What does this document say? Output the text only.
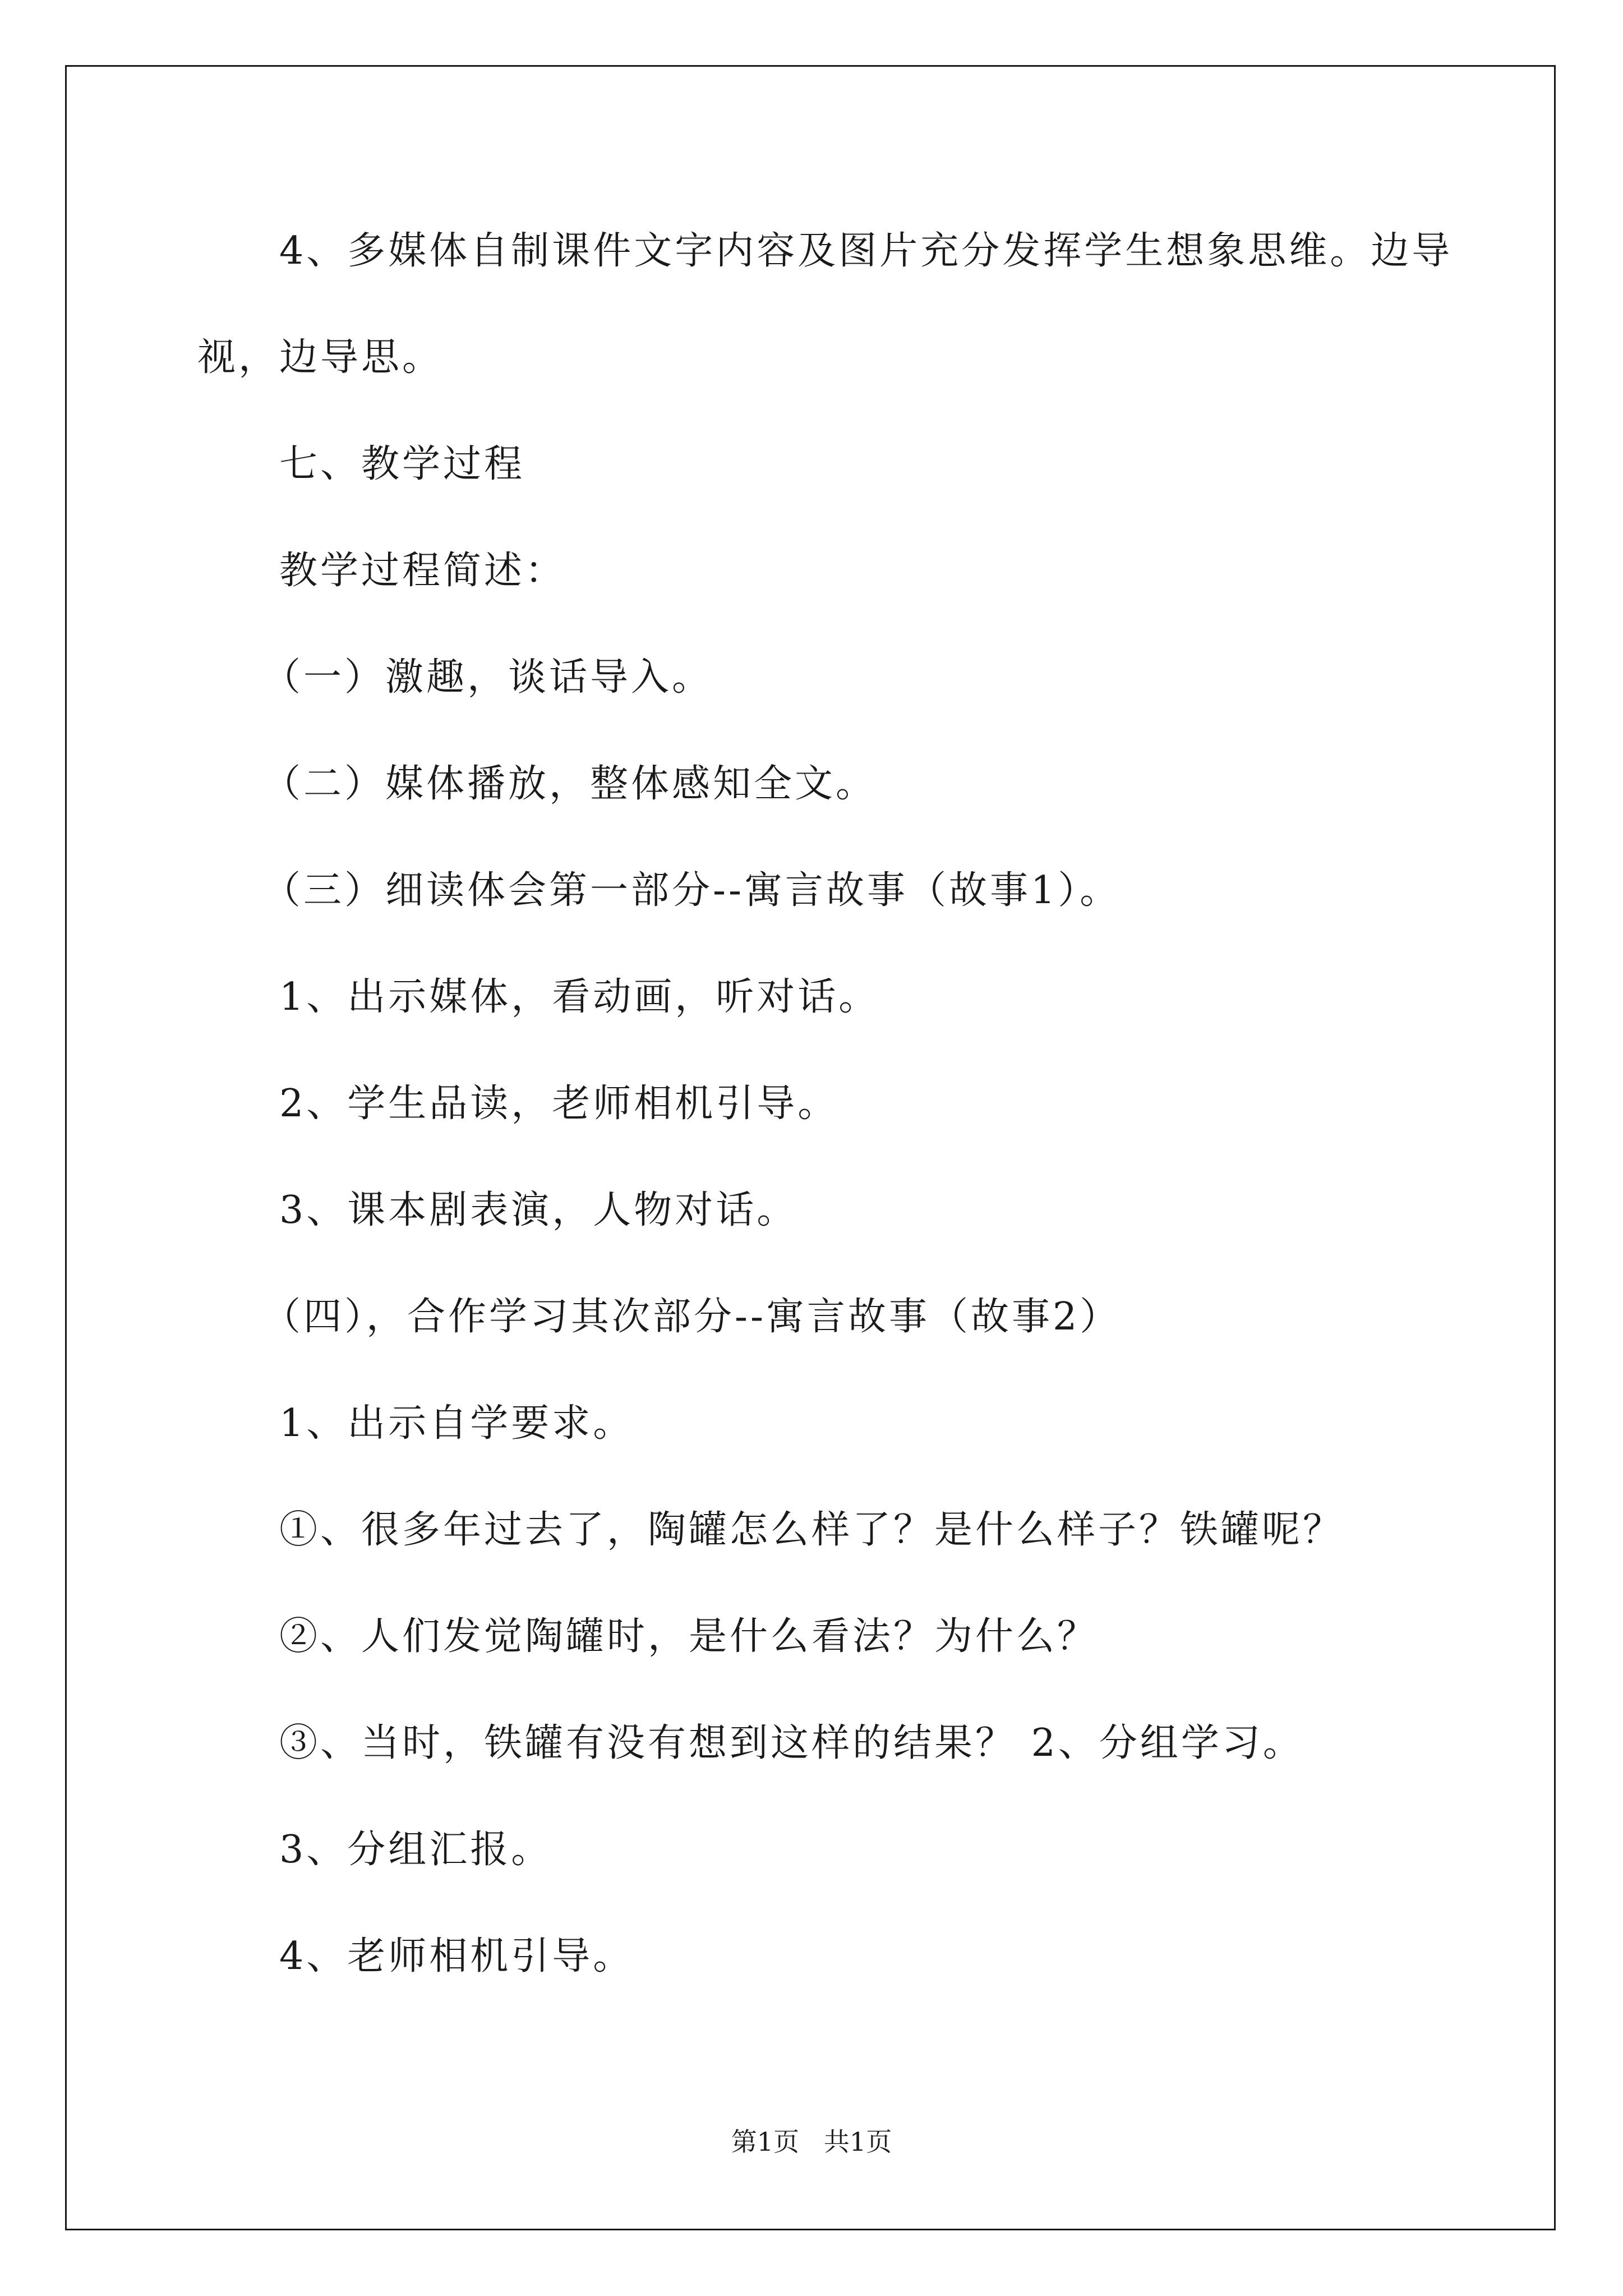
4、多媒体自制课件文字内容及图片充分发挥学生想象思维。边导
视，边导思。
七、教学过程
教学过程简述：
（一）激趣，谈话导入。
（二）媒体播放，整体感知全文。
（三）细读体会第一部分--寓言故事（故事1）。
1、出示媒体，看动画，听对话。
2、学生品读，老师相机引导。
3、课本剧表演，人物对话。
（四），合作学习其次部分--寓言故事（故事2）
1、出示自学要求。
①、很多年过去了，陶罐怎么样了？是什么样子？铁罐呢？
②、人们发觉陶罐时，是什么看法？为什么？
③、当时，铁罐有没有想到这样的结果？ 2、分组学习。
3、分组汇报。
4、老师相机引导。
第1页   共1页
